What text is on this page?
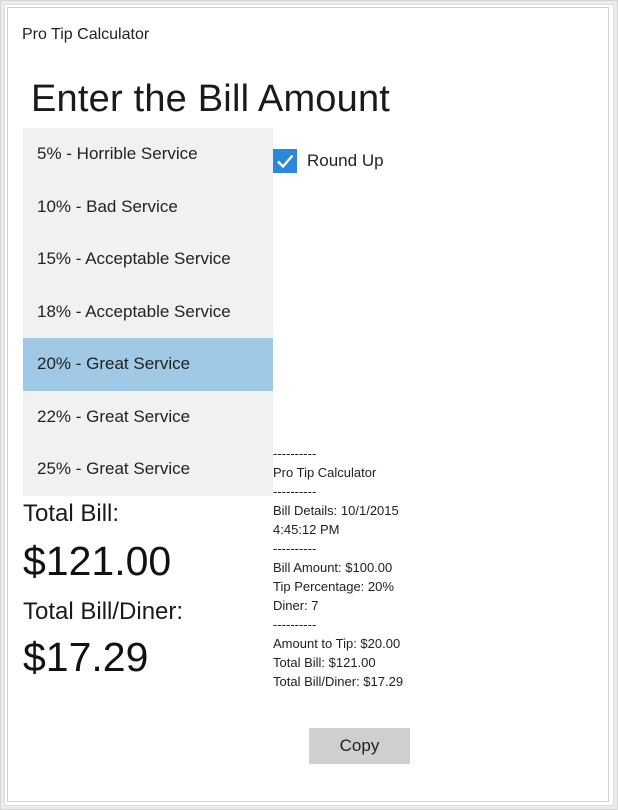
Pro Tip Calculator
Enter the Bill Amount
5% - Horrible Service
10% - Bad Service
15% - Acceptable Service
18% - Acceptable Service
20% - Great Service
22% - Great Service
25% - Great Service
Round Up
Total Bill:
$121.00
Total Bill/Diner:
$17.29
----------
Pro Tip Calculator
----------
Bill Details: 10/1/2015
4:45:12 PM
----------
Bill Amount: $100.00
Tip Percentage: 20%
Diner: 7
----------
Amount to Tip: $20.00
Total Bill: $121.00
Total Bill/Diner: $17.29
Copy
